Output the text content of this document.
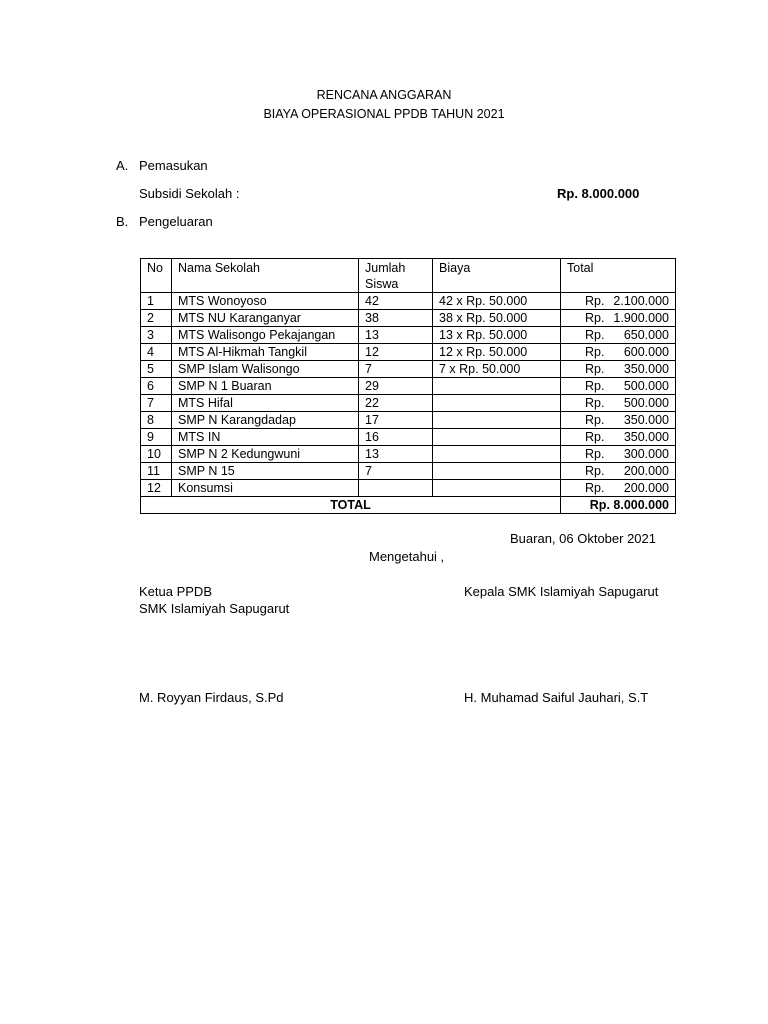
RENCANA ANGGARAN
BIAYA OPERASIONAL PPDB TAHUN 2021
A. Pemasukan
Subsidi Sekolah :	Rp. 8.000.000
B. Pengeluaran
No	Nama Sekolah	Jumlah Siswa	Biaya	Total
1	MTS Wonoyoso	42	42 x Rp. 50.000	Rp. 2.100.000
2	MTS NU Karanganyar	38	38 x Rp. 50.000	Rp. 1.900.000
3	MTS Walisongo Pekajangan	13	13 x Rp. 50.000	Rp. 650.000
4	MTS Al-Hikmah Tangkil	12	12 x Rp. 50.000	Rp. 600.000
5	SMP Islam Walisongo	7	7 x Rp. 50.000	Rp. 350.000
6	SMP N 1 Buaran	29		Rp. 500.000
7	MTS Hifal	22		Rp. 500.000
8	SMP N Karangdadap	17		Rp. 350.000
9	MTS IN	16		Rp. 350.000
10	SMP N 2 Kedungwuni	13		Rp. 300.000
11	SMP N 15	7		Rp. 200.000
12	Konsumsi			Rp. 200.000
TOTAL				Rp. 8.000.000
Buaran, 06 Oktober 2021
Mengetahui ,
Ketua PPDB
SMK Islamiyah Sapugarut
Kepala SMK Islamiyah Sapugarut
M. Royyan Firdaus, S.Pd	H. Muhamad Saiful Jauhari, S.T
